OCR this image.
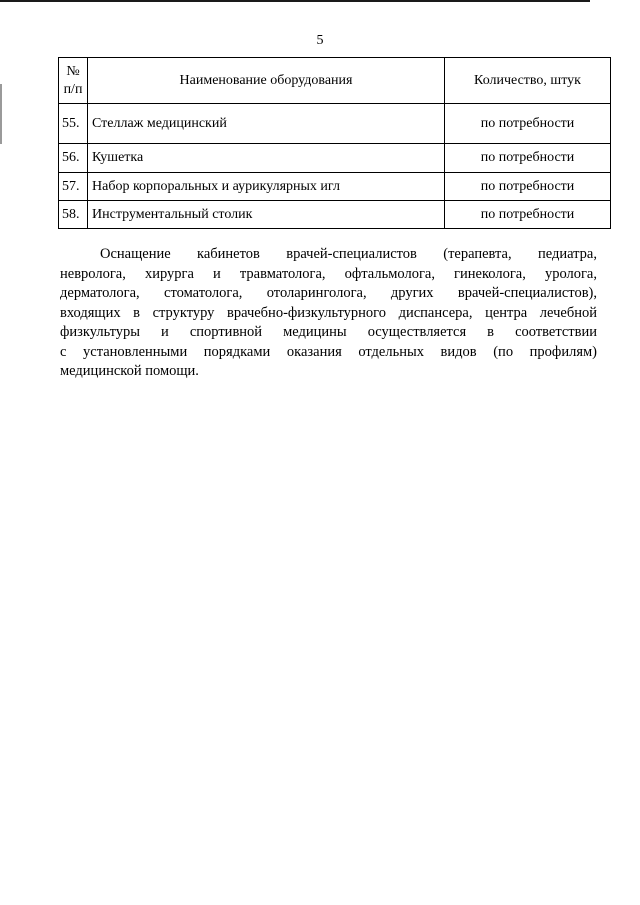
5
№
п/п	Наименование оборудования	Количество, штук
55.	Стеллаж медицинский	по потребности
56.	Кушетка	по потребности
57.	Набор корпоральных и аурикулярных игл	по потребности
58.	Инструментальный столик	по потребности
Оснащение кабинетов врачей-специалистов (терапевта, педиатра,
невролога, хирурга и травматолога, офтальмолога, гинеколога, уролога,
дерматолога, стоматолога, отоларинголога, других врачей-специалистов),
входящих в структуру врачебно-физкультурного диспансера, центра лечебной
физкультуры и спортивной медицины осуществляется в соответствии
с установленными порядками оказания отдельных видов (по профилям)
медицинской помощи.
